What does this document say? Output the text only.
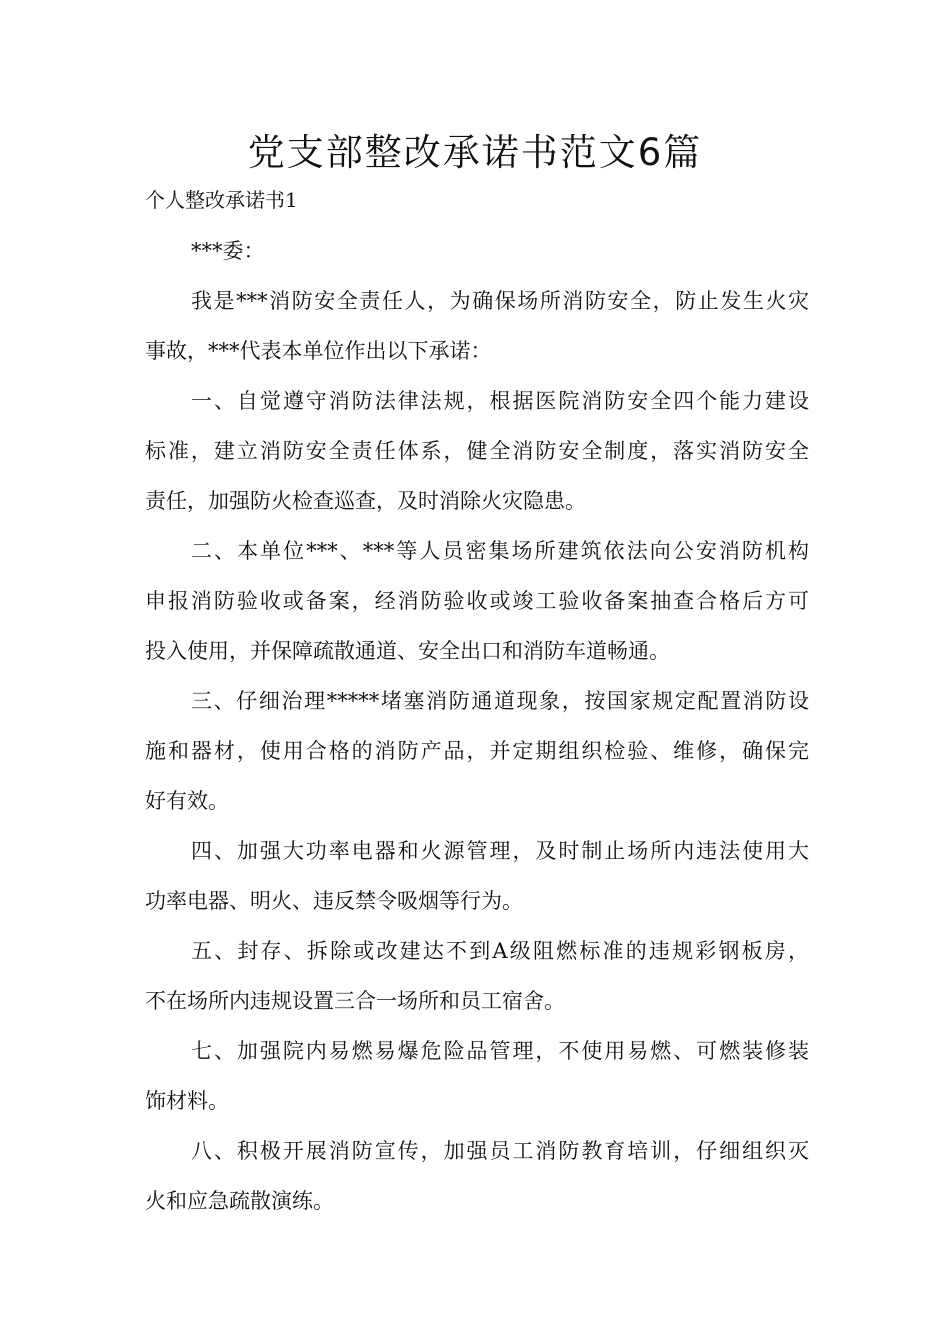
党支部整改承诺书范文6篇
个人整改承诺书1
***委：
我是***消防安全责任人，为确保场所消防安全，防止发生火灾
事故，***代表本单位作出以下承诺：
一、自觉遵守消防法律法规，根据医院消防安全四个能力建设
标准，建立消防安全责任体系，健全消防安全制度，落实消防安全
责任，加强防火检查巡查，及时消除火灾隐患。
二、本单位***、***等人员密集场所建筑依法向公安消防机构
申报消防验收或备案，经消防验收或竣工验收备案抽查合格后方可
投入使用，并保障疏散通道、安全出口和消防车道畅通。
三、仔细治理*****堵塞消防通道现象，按国家规定配置消防设
施和器材，使用合格的消防产品，并定期组织检验、维修，确保完
好有效。
四、加强大功率电器和火源管理，及时制止场所内违法使用大
功率电器、明火、违反禁令吸烟等行为。
五、封存、拆除或改建达不到A级阻燃标准的违规彩钢板房，
不在场所内违规设置三合一场所和员工宿舍。
七、加强院内易燃易爆危险品管理，不使用易燃、可燃装修装
饰材料。
八、积极开展消防宣传，加强员工消防教育培训，仔细组织灭
火和应急疏散演练。
